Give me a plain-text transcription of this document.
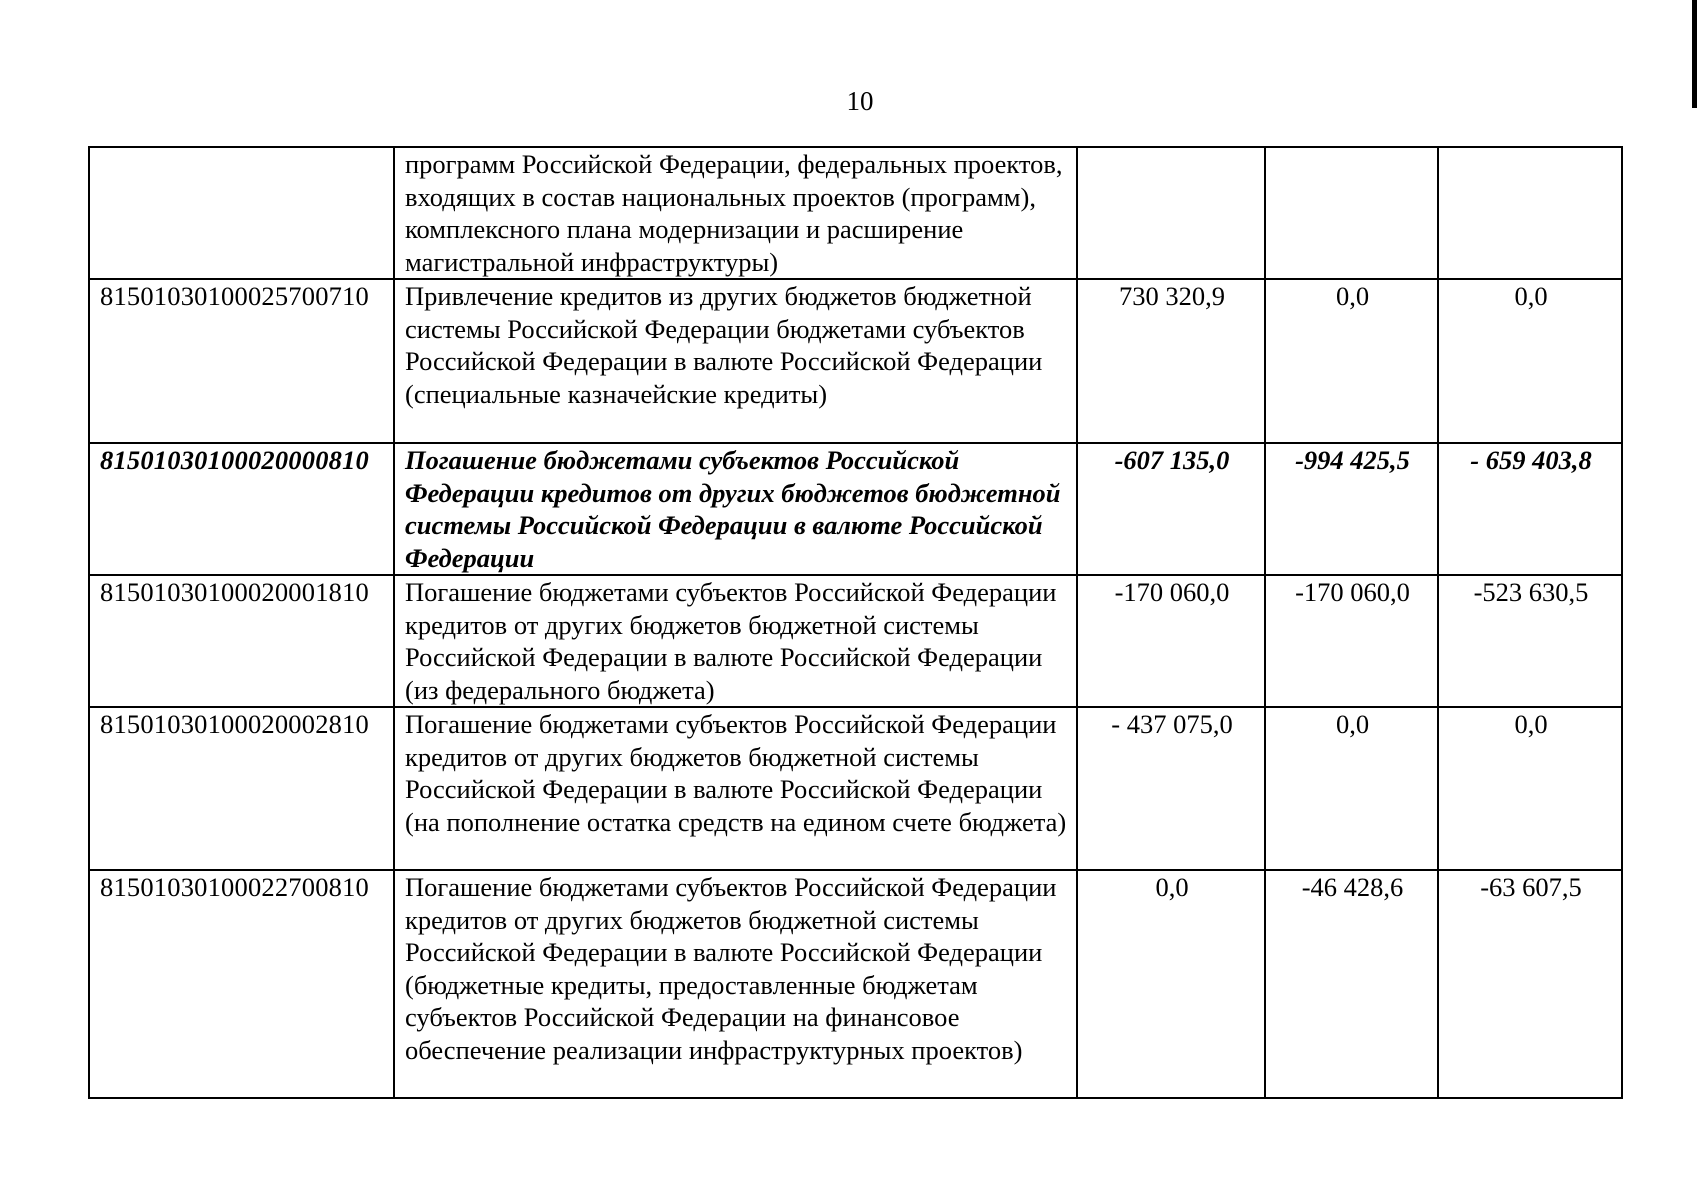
10
	программ Российской Федерации, федеральных проектов, входящих в состав национальных проектов (программ), комплексного плана модернизации и расширение магистральной инфраструктуры)			
81501030100025700710	Привлечение кредитов из других бюджетов бюджетной системы Российской Федерации бюджетами субъектов Российской Федерации в валюте Российской Федерации (специальные казначейские кредиты)	730 320,9	0,0	0,0
81501030100020000810	Погашение бюджетами субъектов Российской Федерации кредитов от других бюджетов бюджетной системы Российской Федерации в валюте Российской Федерации	-607 135,0	-994 425,5	- 659 403,8
81501030100020001810	Погашение бюджетами субъектов Российской Федерации кредитов от других бюджетов бюджетной системы Российской Федерации в валюте Российской Федерации (из федерального бюджета)	-170 060,0	-170 060,0	-523 630,5
81501030100020002810	Погашение бюджетами субъектов Российской Федерации кредитов от других бюджетов бюджетной системы Российской Федерации в валюте Российской Федерации (на пополнение остатка средств на едином счете бюджета)	- 437 075,0	0,0	0,0
81501030100022700810	Погашение бюджетами субъектов Российской Федерации кредитов от других бюджетов бюджетной системы Российской Федерации в валюте Российской Федерации (бюджетные кредиты, предоставленные бюджетам субъектов Российской Федерации на финансовое обеспечение реализации инфраструктурных проектов)	0,0	-46 428,6	-63 607,5
